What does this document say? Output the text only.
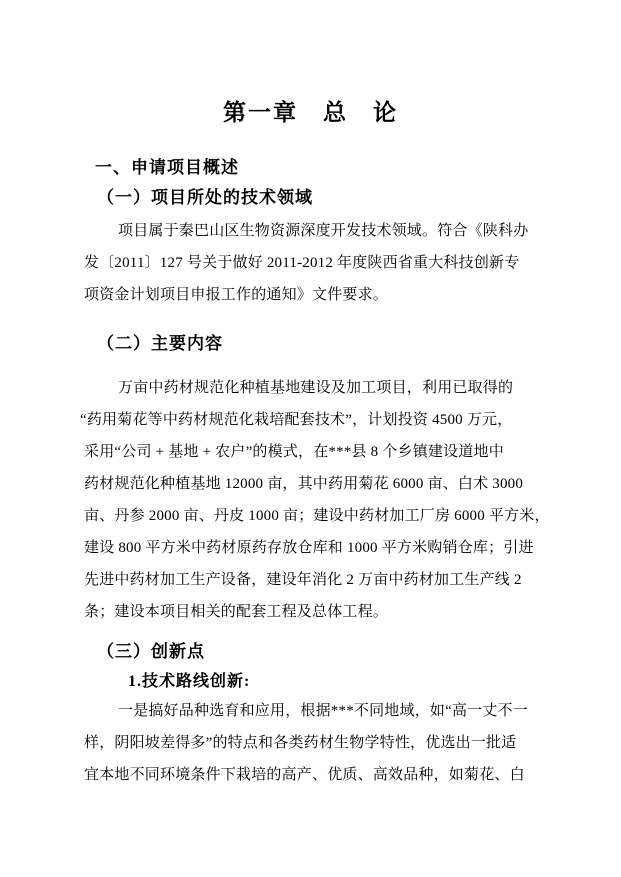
第一章　总　论
一、申请项目概述
（一）项目所处的技术领域
项目属于秦巴山区生物资源深度开发技术领域。符合《陕科办
发〔2011〕127 号关于做好 2011-2012 年度陕西省重大科技创新专
项资金计划项目申报工作的通知》文件要求。
（二）主要内容
万亩中药材规范化种植基地建设及加工项目，利用已取得的
“药用菊花等中药材规范化栽培配套技术”，计划投资 4500 万元，
采用“公司 + 基地 + 农户”的模式，在***县 8 个乡镇建设道地中
药材规范化种植基地 12000 亩，其中药用菊花 6000 亩、白术 3000
亩、丹参 2000 亩、丹皮 1000 亩；建设中药材加工厂房 6000 平方米，
建设 800 平方米中药材原药存放仓库和 1000 平方米购销仓库；引进
先进中药材加工生产设备，建设年消化 2 万亩中药材加工生产线 2
条；建设本项目相关的配套工程及总体工程。
（三）创新点
1.技术路线创新:
一是搞好品种选育和应用，根据***不同地域，如“高一丈不一
样，阴阳坡差得多”的特点和各类药材生物学特性，优选出一批适
宜本地不同环境条件下栽培的高产、优质、高效品种，如菊花、白
